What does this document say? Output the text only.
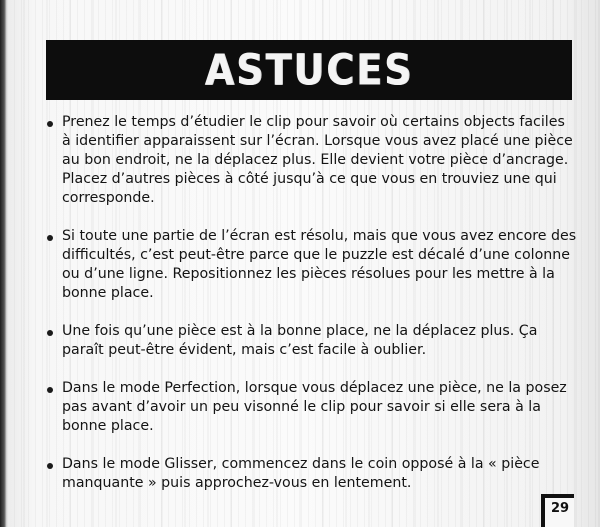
ASTUCES
Prenez le temps d’étudier le clip pour savoir où certains objects faciles à identifier apparaissent sur l’écran. Lorsque vous avez placé une pièce au bon endroit, ne la déplacez plus. Elle devient votre pièce d’ancrage. Placez d’autres pièces à côté jusqu’à ce que vous en trouviez une qui corresponde.
Si toute une partie de l’écran est résolu, mais que vous avez encore des difficultés, c’est peut-être parce que le puzzle est décalé d’une colonne ou d’une ligne. Repositionnez les pièces résolues pour les mettre à la bonne place.
Une fois qu’une pièce est à la bonne place, ne la déplacez plus. Ça paraît peut-être évident, mais c’est facile à oublier.
Dans le mode Perfection, lorsque vous déplacez une pièce, ne la posez pas avant d’avoir un peu visonné le clip pour savoir si elle sera à la bonne place.
Dans le mode Glisser, commencez dans le coin opposé à la « pièce manquante » puis approchez-vous en lentement.
29
